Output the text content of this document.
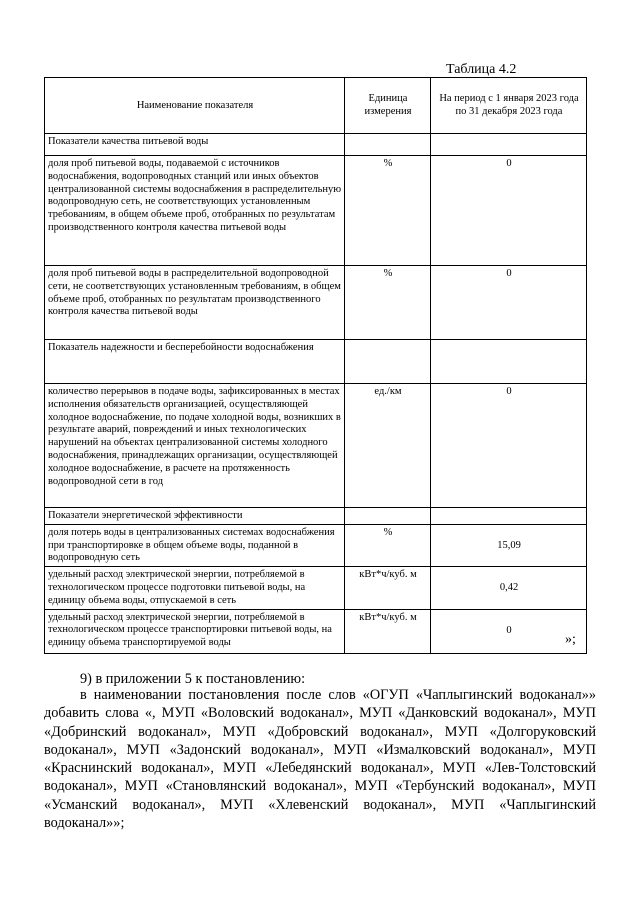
Таблица 4.2
Наименование показателя	Единица измерения	На период с 1 января 2023 года по 31 декабря 2023 года
Показатели качества питьевой воды		
доля проб питьевой воды, подаваемой с источников водоснабжения, водопроводных станций или иных объектов централизованной системы водоснабжения в распределительную водопроводную сеть, не соответствующих установленным требованиям, в общем объеме проб, отобранных по результатам производственного контроля качества питьевой воды	%	0
доля проб питьевой воды в распределительной водопроводной сети, не соответствующих установленным требованиям, в общем объеме проб, отобранных по результатам производственного контроля качества питьевой воды	%	0
Показатель надежности и бесперебойности водоснабжения		
количество перерывов в подаче воды, зафиксированных в местах исполнения обязательств организацией, осуществляющей холодное водоснабжение, по подаче холодной воды, возникших в результате аварий, повреждений и иных технологических нарушений на объектах централизованной системы холодного водоснабжения, принадлежащих организации, осуществляющей холодное водоснабжение, в расчете на протяженность водопроводной сети в год	ед./км	0
Показатели энергетической эффективности		
доля потерь воды в централизованных системах водоснабжения при транспортировке в общем объеме воды, поданной в водопроводную сеть	%	15,09
удельный расход электрической энергии, потребляемой в технологическом процессе подготовки питьевой воды, на единицу объема воды, отпускаемой в сеть	кВт*ч/куб. м	0,42
удельный расход электрической энергии, потребляемой в технологическом процессе транспортировки питьевой воды, на единицу объема транспортируемой воды	кВт*ч/куб. м	0
»;
9) в приложении 5 к постановлению:
в наименовании постановления после слов «ОГУП «Чаплыгинский водоканал»» добавить слова «, МУП «Воловский водоканал», МУП «Данковский водоканал», МУП «Добринский водоканал», МУП «Добровский водоканал», МУП «Долгоруковский водоканал», МУП «Задонский водоканал», МУП «Измалковский водоканал», МУП «Краснинский водоканал», МУП «Лебедянский водоканал», МУП «Лев-Толстовский водоканал», МУП «Становлянский водоканал», МУП «Тербунский водоканал», МУП «Усманский водоканал», МУП «Хлевенский водоканал», МУП «Чаплыгинский водоканал»»;
